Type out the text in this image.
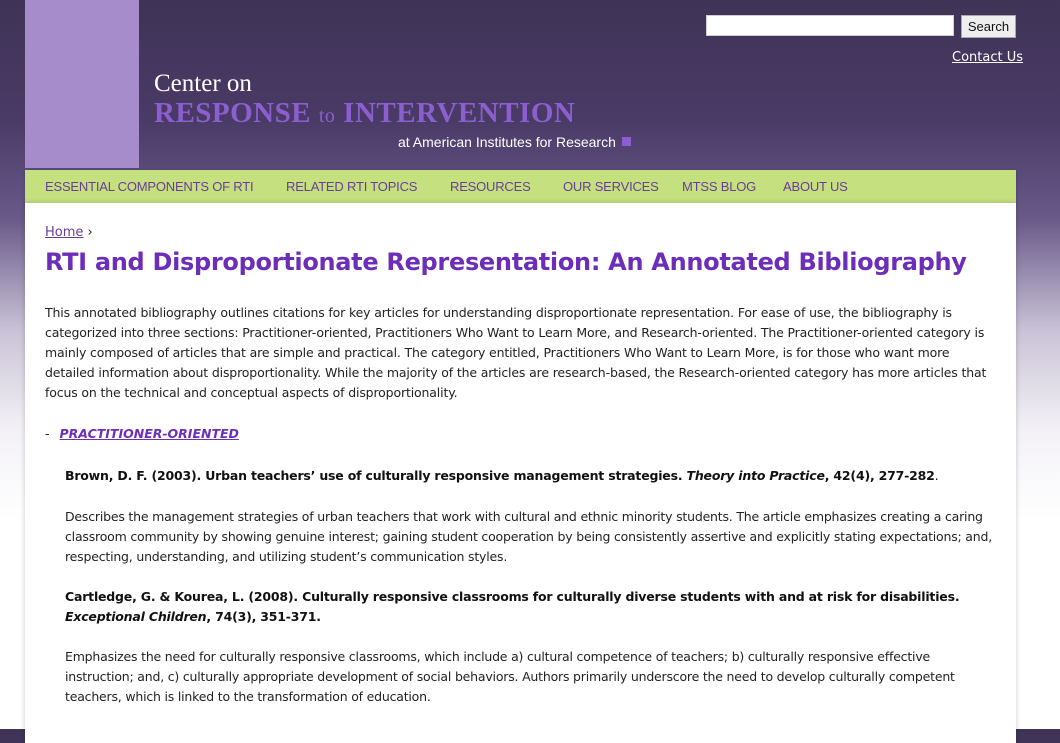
Center on
RESPONSE to INTERVENTION
at American Institutes for Research
Search
Contact Us
ESSENTIAL COMPONENTS OF RTI	RELATED RTI TOPICS	RESOURCES OUR SERVICES MTSS BLOG ABOUT US
Home ›
RTI and Disproportionate Representation: An Annotated Bibliography

This annotated bibliography outlines citations for key articles for understanding disproportionate representation. For ease of use, the bibliography is categorized into three sections: Practitioner-oriented, Practitioners Who Want to Learn More, and Research-oriented. The Practitioner-oriented category is mainly composed of articles that are simple and practical. The category entitled, Practitioners Who Want to Learn More, is for those who want more detailed information about disproportionality. While the majority of the articles are research-based, the Research-oriented category has more articles that focus on the technical and conceptual aspects of disproportionality.

- PRACTITIONER-ORIENTED

Brown, D. F. (2003). Urban teachers’ use of culturally responsive management strategies. Theory into Practice, 42(4), 277-282.

Describes the management strategies of urban teachers that work with cultural and ethnic minority students. The article emphasizes creating a caring classroom community by showing genuine interest; gaining student cooperation by being consistently assertive and explicitly stating expectations; and, respecting, understanding, and utilizing student’s communication styles.

Cartledge, G. & Kourea, L. (2008). Culturally responsive classrooms for culturally diverse students with and at risk for disabilities. Exceptional Children, 74(3), 351-371.

Emphasizes the need for culturally responsive classrooms, which include a) cultural competence of teachers; b) culturally responsive effective instruction; and, c) culturally appropriate development of social behaviors. Authors primarily underscore the need to develop culturally competent teachers, which is linked to the transformation of education.
